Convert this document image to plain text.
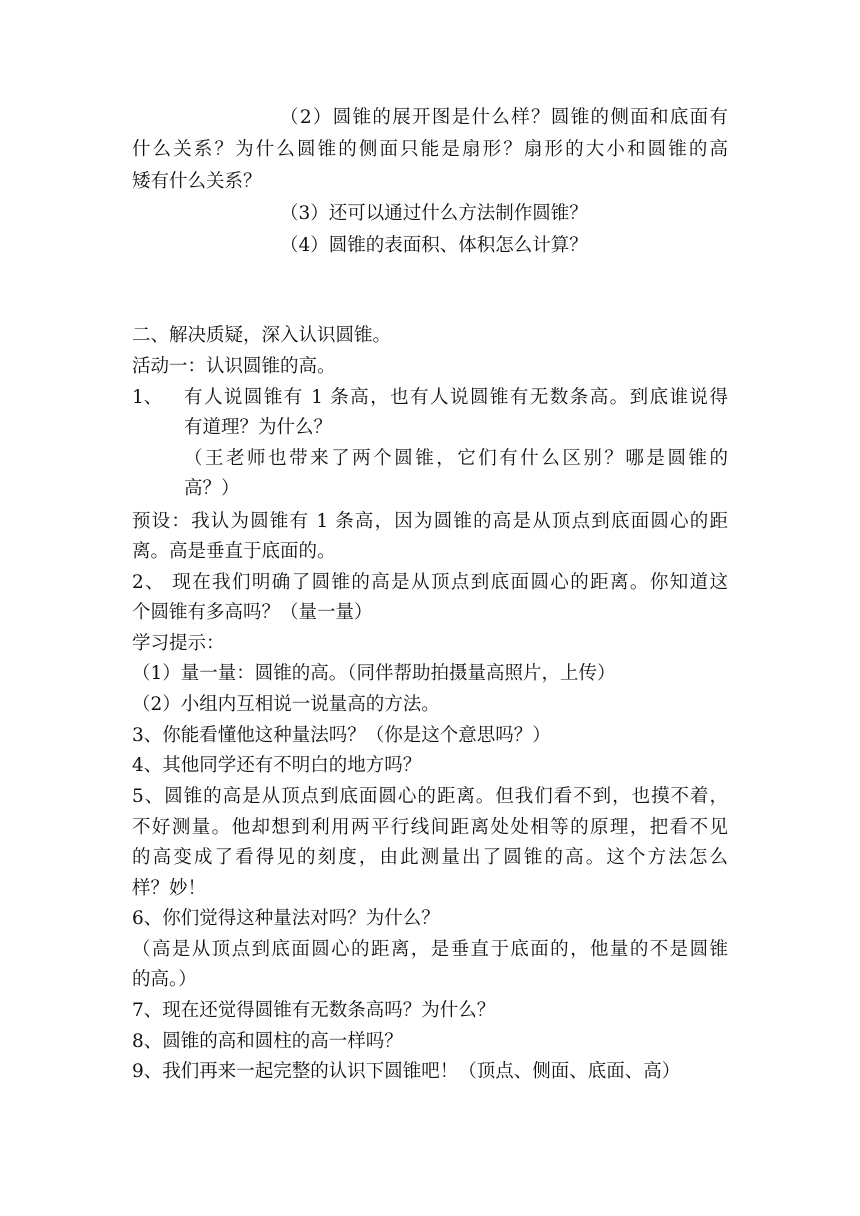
（2）圆锥的展开图是什么样？圆锥的侧面和底面有
什么关系？为什么圆锥的侧面只能是扇形？扇形的大小和圆锥的高
矮有什么关系？
（3）还可以通过什么方法制作圆锥？
（4）圆锥的表面积、体积怎么计算？
二、解决质疑，深入认识圆锥。
活动一：认识圆锥的高。
1、 有人说圆锥有 1 条高，也有人说圆锥有无数条高。到底谁说得
有道理？为什么？
（王老师也带来了两个圆锥，它们有什么区别？哪是圆锥的
高？）
预设：我认为圆锥有 1 条高，因为圆锥的高是从顶点到底面圆心的距
离。高是垂直于底面的。
2、 现在我们明确了圆锥的高是从顶点到底面圆心的距离。你知道这
个圆锥有多高吗？（量一量）
学习提示：
（1）量一量：圆锥的高。（同伴帮助拍摄量高照片，上传）
（2）小组内互相说一说量高的方法。
3、你能看懂他这种量法吗？（你是这个意思吗？）
4、其他同学还有不明白的地方吗？
5、圆锥的高是从顶点到底面圆心的距离。但我们看不到，也摸不着，
不好测量。他却想到利用两平行线间距离处处相等的原理，把看不见
的高变成了看得见的刻度，由此测量出了圆锥的高。这个方法怎么
样？妙！
6、你们觉得这种量法对吗？为什么？
（高是从顶点到底面圆心的距离，是垂直于底面的，他量的不是圆锥
的高。）
7、现在还觉得圆锥有无数条高吗？为什么？
8、圆锥的高和圆柱的高一样吗？
9、我们再来一起完整的认识下圆锥吧！（顶点、侧面、底面、高）
